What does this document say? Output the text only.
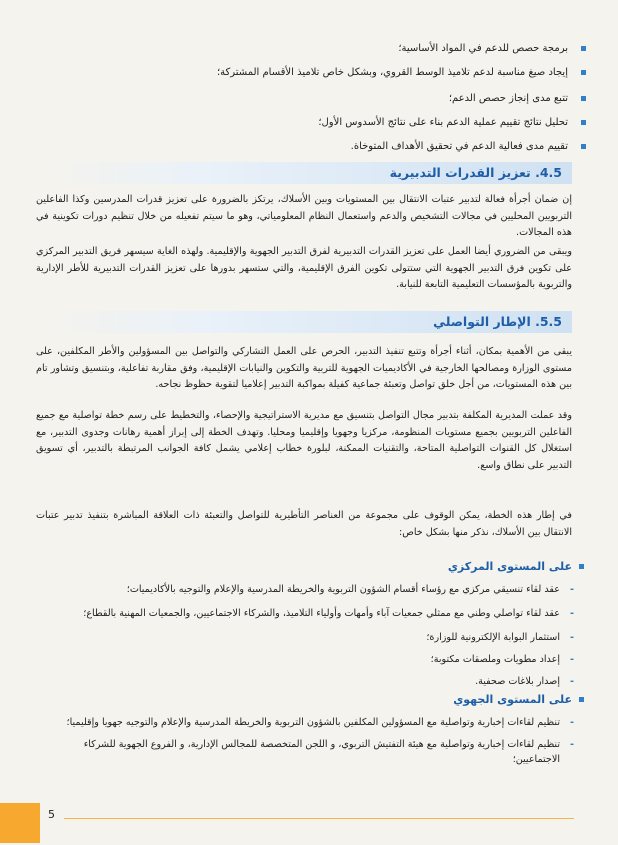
برمجة حصص للدعم في المواد الأساسية؛
إيجاد صيغ مناسبة لدعم تلاميذ الوسط القروي، وبشكل خاص تلاميذ الأقسام المشتركة؛
تتبع مدى إنجاز حصص الدعم؛
تحليل نتائج تقييم عملية الدعم بناء على نتائج الأسدوس الأول؛
تقييم مدى فعالية الدعم في تحقيق الأهداف المتوخاة.
4.5. تعزيز القدرات التدبيرية

إن ضمان أجرأة فعالة لتدبير عتبات الانتقال بين المستويات وبين الأسلاك، يرتكز بالضرورة على تعزيز قدرات المدرسين وكذا الفاعلين التربويين المحليين في مجالات التشخيص والدعم واستعمال النظام المعلومياتي، وهو ما سيتم تفعيله من خلال تنظيم دورات تكوينية في هذه المجالات.

ويبقى من الضروري أيضا العمل على تعزيز القدرات التدبيرية لفرق التدبير الجهوية والإقليمية. ولهذه الغاية سيسهر فريق التدبير المركزي على تكوين فرق التدبير الجهوية التي ستتولى تكوين الفرق الإقليمية، والتي ستسهر بدورها على تعزيز القدرات التدبيرية للأطر الإدارية والتربوية بالمؤسسات التعليمية التابعة للنيابة.

5.5. الإطار التواصلي

يبقى من الأهمية بمكان، أثناء أجرأة وتتبع تنفيذ التدبير، الحرص على العمل التشاركي والتواصل بين المسؤولين والأطر المكلفين، على مستوى الوزارة ومصالحها الخارجية في الأكاديميات الجهوية للتربية والتكوين والنيابات الإقليمية، وفق مقاربة تفاعلية، وبتنسيق وتشاور تام بين هذه المستويات، من أجل خلق تواصل وتعبئة جماعية كفيلة بمواكبة التدبير إعلاميا لتقوية حظوظ نجاحه.

وقد عملت المديرية المكلفة بتدبير مجال التواصل بتنسيق مع مديرية الاستراتيجية والإحصاء، والتخطيط على رسم خطة تواصلية مع جميع الفاعلين التربويين بجميع مستويات المنظومة، مركزيا وجهويا وإقليميا ومحليا. وتهدف الخطة إلى إبراز أهمية رهانات وجدوى التدبير، مع استغلال كل القنوات التواصلية المتاحة، والتقنيات الممكنة، لبلورة خطاب إعلامي يشمل كافة الجوانب المرتبطة بالتدبير، أي تسويق التدبير على نطاق واسع.

في إطار هذه الخطة، يمكن الوقوف على مجموعة من العناصر التأطيرية للتواصل والتعبئة ذات العلاقة المباشرة بتنفيذ تدبير عتبات الانتقال بين الأسلاك، نذكر منها بشكل خاص:

على المستوى المركزي
-
عقد لقاء تنسيقي مركزي مع رؤساء أقسام الشؤون التربوية والخريطة المدرسية والإعلام والتوجيه بالأكاديميات؛
-
عقد لقاء تواصلي وطني مع ممثلي جمعيات آباء وأمهات وأولياء التلاميذ، والشركاء الاجتماعيين، والجمعيات المهنية بالقطاع؛
-
استثمار البوابة الإلكترونية للوزارة؛
-
إعداد مطويات وملصقات مكتوبة؛
-
إصدار بلاغات صحفية.
على المستوى الجهوي
-
تنظيم لقاءات إخبارية وتواصلية مع المسؤولين المكلفين بالشؤون التربوية والخريطة المدرسية والإعلام والتوجيه جهويا وإقليميا؛
-
تنظيم لقاءات إخبارية وتواصلية مع هيئة التفتيش التربوي، و اللجن المتخصصة للمجالس الإدارية، و الفروع الجهوية للشركاء الاجتماعيين؛
5
